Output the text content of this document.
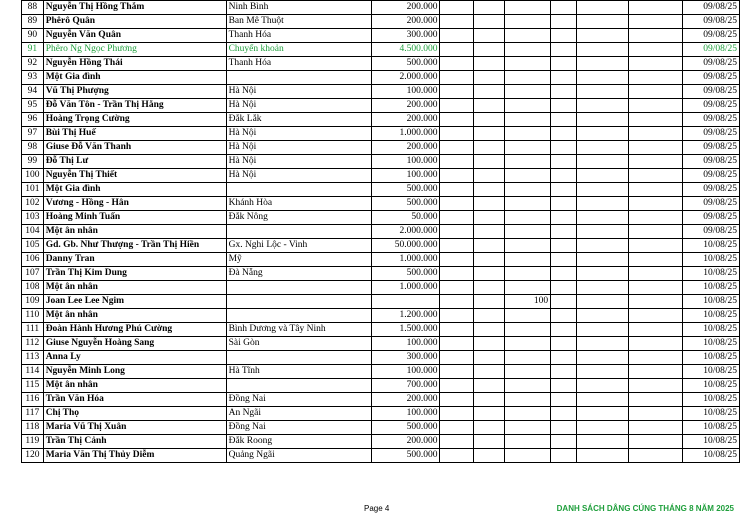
88	Nguyễn Thị Hồng Thắm	Ninh Bình	200.000							09/08/25
89	Phêrô Quân	Ban Mê Thuột	200.000							09/08/25
90	Nguyễn Văn Quân	Thanh Hóa	300.000							09/08/25
91	Phêro Ng Ngọc Phương	Chuyển khoản	4.500.000							09/08/25
92	Nguyễn Hồng Thái	Thanh Hóa	500.000							09/08/25
93	Một Gia đình		2.000.000							09/08/25
94	Vũ Thị Phượng	Hà Nội	100.000							09/08/25
95	Đỗ Văn Tôn - Trần Thị Hằng	Hà Nội	200.000							09/08/25
96	Hoàng Trọng Cường	Đắk Lắk	200.000							09/08/25
97	Bùi Thị Huế	Hà Nội	1.000.000							09/08/25
98	Giuse Đỗ Văn Thanh	Hà Nội	200.000							09/08/25
99	Đỗ Thị Lư	Hà Nội	100.000							09/08/25
100	Nguyễn Thị Thiết	Hà Nội	100.000							09/08/25
101	Một Gia đình		500.000							09/08/25
102	Vương - Hồng - Hân	Khánh Hòa	500.000							09/08/25
103	Hoàng Minh Tuấn	Đắk Nông	50.000							09/08/25
104	Một ân nhân		2.000.000							09/08/25
105	Gd. Gb. Như Thượng - Trần Thị Hiền	Gx. Nghi Lộc - Vinh	50.000.000							10/08/25
106	Danny Tran	Mỹ	1.000.000							10/08/25
107	Trần Thị Kim Dung	Đà Nẵng	500.000							10/08/25
108	Một ân nhân		1.000.000							10/08/25
109	Joan Lee Lee Ngim					100				10/08/25
110	Một ân nhân		1.200.000							10/08/25
111	Đoàn Hành Hương Phú Cường	Bình Dương và Tây Ninh	1.500.000							10/08/25
112	Giuse Nguyễn Hoàng Sang	Sài Gòn	100.000							10/08/25
113	Anna Ly		300.000							10/08/25
114	Nguyễn Minh Long	Hà Tĩnh	100.000							10/08/25
115	Một ân nhân		700.000							10/08/25
116	Trần Văn Hóa	Đồng Nai	200.000							10/08/25
117	Chị Thọ	An Ngãi	100.000							10/08/25
118	Maria Vũ Thị Xuân	Đồng Nai	500.000							10/08/25
119	Trần Thị Cảnh	Đắk Roong	200.000							10/08/25
120	Maria Văn Thị Thủy Diễm	Quảng Ngãi	500.000							10/08/25
Page 4	DANH SÁCH DÂNG CÚNG THÁNG 8 NĂM 2025
